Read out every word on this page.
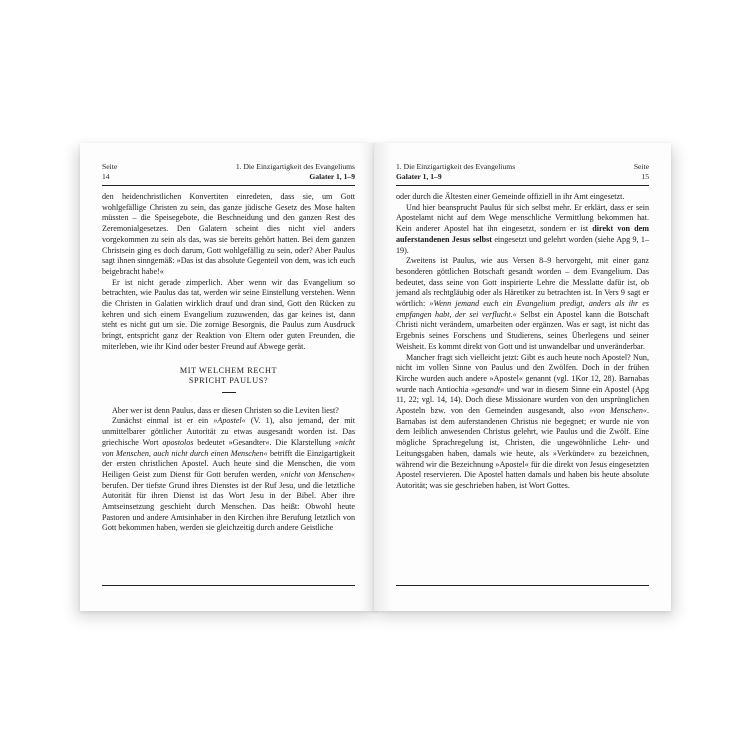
Seite
14
1. Die Einzigartigkeit des Evangeliums
Galater 1, 1–9

den heidenchristlichen Konvertiten einredeten, dass sie, um Gott wohlgefällige Christen zu sein, das ganze jüdische Gesetz des Mose halten müssten – die Speisegebote, die Beschneidung und den ganzen Rest des Zeremonialgesetzes. Den Galatern scheint dies nicht viel anders vorgekommen zu sein als das, was sie bereits gehört hatten. Bei dem ganzen Christsein ging es doch darum, Gott wohlgefällig zu sein, oder? Aber Paulus sagt ihnen sinngemäß: »Das ist das absolute Gegenteil von dem, was ich euch beigebracht habe!«

Er ist nicht gerade zimperlich. Aber wenn wir das Evangelium so betrachten, wie Paulus das tat, werden wir seine Einstellung verstehen. Wenn die Christen in Galatien wirklich drauf und dran sind, Gott den Rücken zu kehren und sich einem Evangelium zuzuwenden, das gar keines ist, dann steht es nicht gut um sie. Die zornige Besorgnis, die Paulus zum Ausdruck bringt, entspricht ganz der Reaktion von Eltern oder guten Freunden, die miterleben, wie ihr Kind oder bester Freund auf Abwege gerät.

MIT WELCHEM RECHT
SPRICHT PAULUS?

Aber wer ist denn Paulus, dass er diesen Christen so die Leviten liest?

Zunächst einmal ist er ein »Apostel« (V. 1), also jemand, der mit unmittelbarer göttlicher Autorität zu etwas ausgesandt worden ist. Das griechische Wort apostolos bedeutet »Gesandter«. Die Klarstellung »nicht von Menschen, auch nicht durch einen Menschen« betrifft die Einzigartigkeit der ersten christlichen Apostel. Auch heute sind die Menschen, die vom Heiligen Geist zum Dienst für Gott berufen werden, »nicht von Menschen« berufen. Der tiefste Grund ihres Dienstes ist der Ruf Jesu, und die letztliche Autorität für ihren Dienst ist das Wort Jesu in der Bibel. Aber ihre Amtseinsetzung geschieht durch Menschen. Das heißt: Obwohl heute Pastoren und andere Amtsinhaber in den Kirchen ihre Berufung letztlich von Gott bekommen haben, werden sie gleichzeitig durch andere Geistliche

1. Die Einzigartigkeit des Evangeliums
Galater 1, 1–9
Seite
15

oder durch die Ältesten einer Gemeinde offiziell in ihr Amt eingesetzt.

Und hier beansprucht Paulus für sich selbst mehr. Er erklärt, dass er sein Apostelamt nicht auf dem Wege menschliche Vermittlung bekommen hat. Kein anderer Apostel hat ihn eingesetzt, sondern er ist direkt von dem auferstandenen Jesus selbst eingesetzt und gelehrt worden (siehe Apg 9, 1–19).

Zweitens ist Paulus, wie aus Versen 8–9 hervorgeht, mit einer ganz besonderen göttlichen Botschaft gesandt worden – dem Evangelium. Das bedeutet, dass seine von Gott inspirierte Lehre die Messlatte dafür ist, ob jemand als rechtgläubig oder als Häretiker zu betrachten ist. In Vers 9 sagt er wörtlich: »Wenn jemand euch ein Evangelium predigt, anders als ihr es empfangen habt, der sei verflucht.« Selbst ein Apostel kann die Botschaft Christi nicht verändern, umarbeiten oder ergänzen. Was er sagt, ist nicht das Ergebnis seines Forschens und Studierens, seines Überlegens und seiner Weisheit. Es kommt direkt von Gott und ist unwandelbar und unveränderbar.

Mancher fragt sich vielleicht jetzt: Gibt es auch heute noch Apostel? Nun, nicht im vollen Sinne von Paulus und den Zwölfen. Doch in der frühen Kirche wurden auch andere »Apostel« genannt (vgl. 1Kor 12, 28). Barnabas wurde nach Antiochia »gesandt« und war in diesem Sinne ein Apostel (Apg 11, 22; vgl. 14, 14). Doch diese Missionare wurden von den ursprünglichen Aposteln bzw. von den Gemeinden ausgesandt, also »von Menschen«. Barnabas ist dem auferstandenen Christus nie begegnet; er wurde nie von dem leiblich anwesenden Christus gelehrt, wie Paulus und die Zwölf. Eine mögliche Sprachregelung ist, Christen, die ungewöhnliche Lehr- und Leitungsgaben haben, damals wie heute, als »Verkünder« zu bezeichnen, während wir die Bezeichnung »Apostel« für die direkt von Jesus eingesetzten Apostel reservieren. Die Apostel hatten damals und haben bis heute absolute Autorität; was sie geschrieben haben, ist Wort Gottes.
